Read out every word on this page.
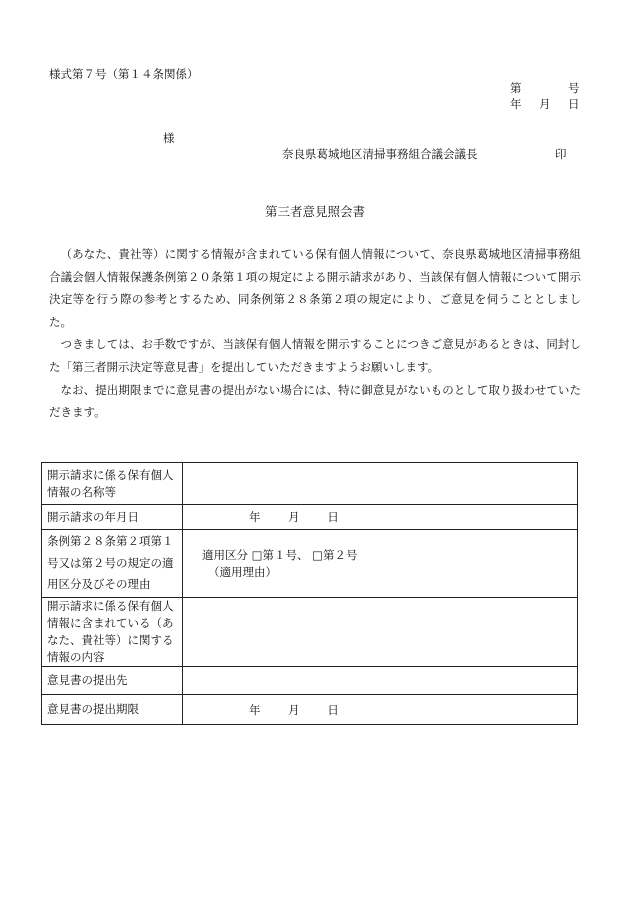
様式第７号（第１４条関係）
第	号
年 月 日
様
奈良県葛城地区清掃事務組合議会議長	印
第三者意見照会書

（あなた、貴社等）に関する情報が含まれている保有個人情報について、奈良県葛城地区清掃事務組合議会個人情報保護条例第２０条第１項の規定による開示請求があり、当該保有個人情報について開示決定等を行う際の参考とするため、同条例第２８条第２項の規定により、ご意見を伺うこととしました。

つきましては、お手数ですが、当該保有個人情報を開示することにつきご意見があるときは、同封した「第三者開示決定等意見書」を提出していただきますようお願いします。

なお、提出期限までに意見書の提出がない場合には、特に御意見がないものとして取り扱わせていただきます。

開示請求に係る保有個人情報の名称等	
開示請求の年月日	年 月 日
条例第２８条第２項第１号又は第２号の規定の適用区分及びその理由	適用区分 □第１号、 □第２号
（適用理由）

開示請求に係る保有個人情報に含まれている（あなた、貴社等）に関する情報の内容	
意見書の提出先	
意見書の提出期限	年 月 日
